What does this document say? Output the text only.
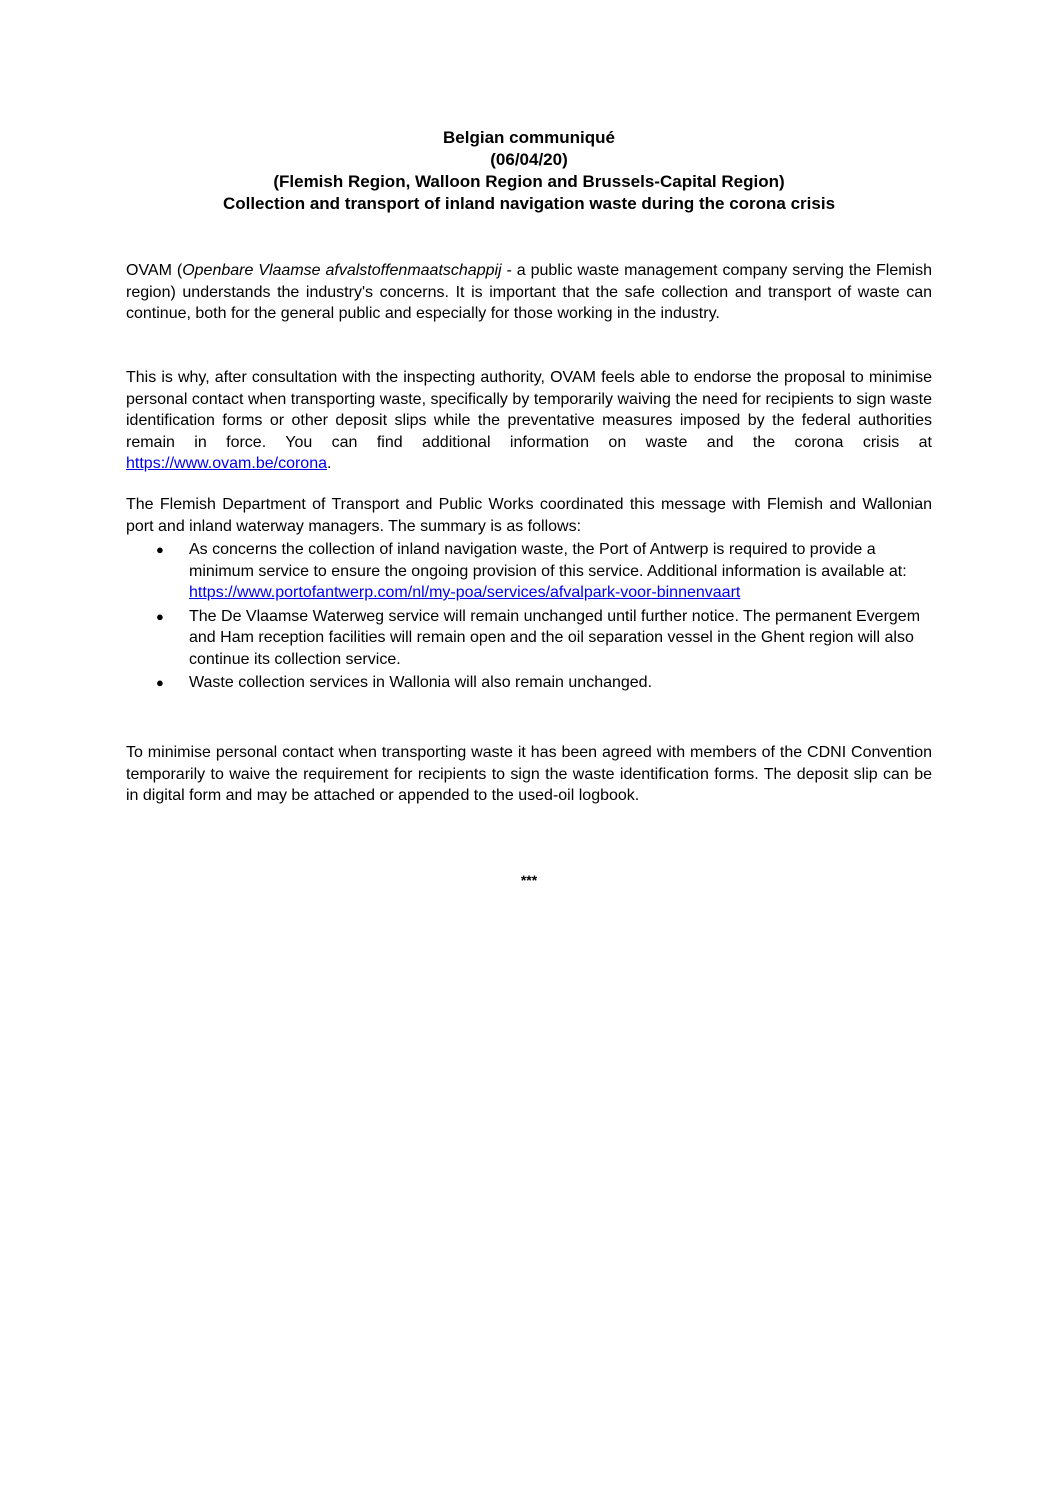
Belgian communiqué
(06/04/20)
(Flemish Region, Walloon Region and Brussels-Capital Region)
Collection and transport of inland navigation waste during the corona crisis
OVAM (Openbare Vlaamse afvalstoffenmaatschappij - a public waste management company serving the Flemish region) understands the industry's concerns. It is important that the safe collection and transport of waste can continue, both for the general public and especially for those working in the industry.
This is why, after consultation with the inspecting authority, OVAM feels able to endorse the proposal to minimise personal contact when transporting waste, specifically by temporarily waiving the need for recipients to sign waste identification forms or other deposit slips while the preventative measures imposed by the federal authorities remain in force. You can find additional information on waste and the corona crisis at https://www.ovam.be/corona.
The Flemish Department of Transport and Public Works coordinated this message with Flemish and Wallonian port and inland waterway managers. The summary is as follows:
● As concerns the collection of inland navigation waste, the Port of Antwerp is required to provide a minimum service to ensure the ongoing provision of this service. Additional information is available at: https://www.portofantwerp.com/nl/my-poa/services/afvalpark-voor-binnenvaart
● The De Vlaamse Waterweg service will remain unchanged until further notice. The permanent Evergem and Ham reception facilities will remain open and the oil separation vessel in the Ghent region will also continue its collection service.
● Waste collection services in Wallonia will also remain unchanged.
To minimise personal contact when transporting waste it has been agreed with members of the CDNI Convention temporarily to waive the requirement for recipients to sign the waste identification forms. The deposit slip can be in digital form and may be attached or appended to the used-oil logbook.
***
